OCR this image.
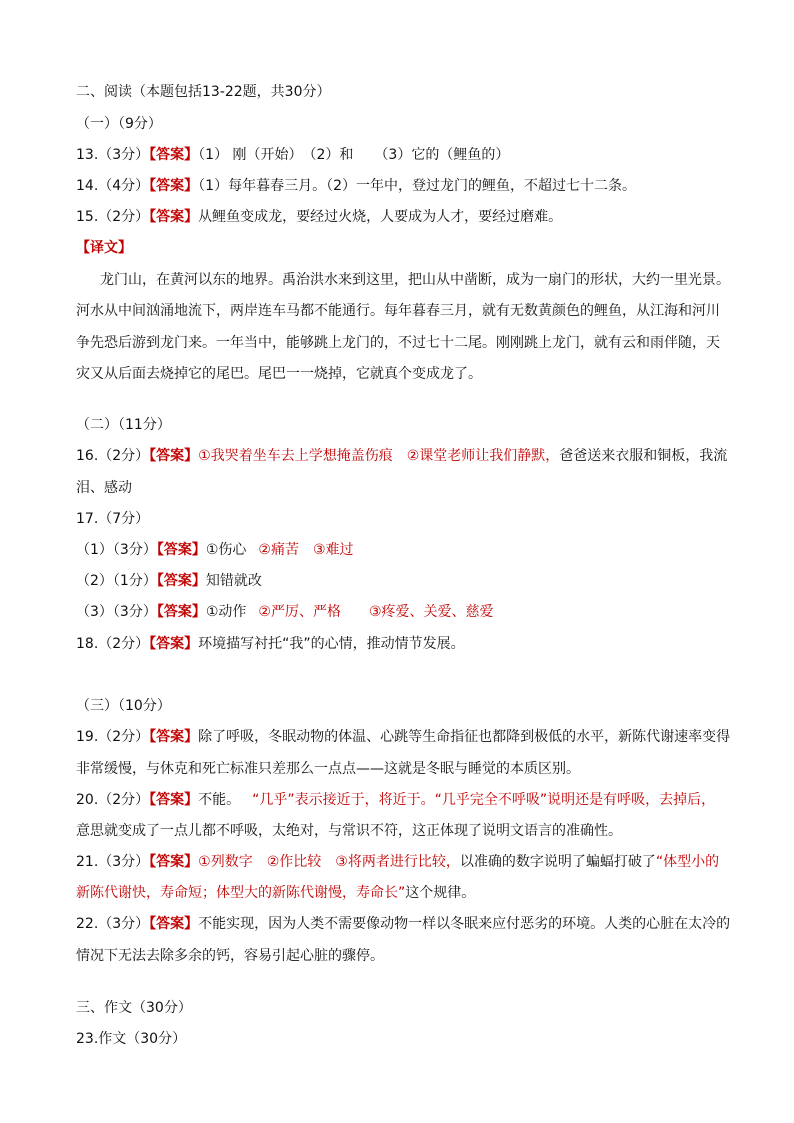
二、阅读（本题包括13-22题，共30分）
（一）（9分）
13.（3分）【答案】（1） 刚（开始）　（2）和　　（3）它的（鲤鱼的）
14.（4分）【答案】（1）每年暮春三月。（2）一年中，登过龙门的鲤鱼，不超过七十二条。
15.（2分）【答案】从鲤鱼变成龙，要经过火烧，人要成为人才，要经过磨难。
【译文】
龙门山，在黄河以东的地界。禹治洪水来到这里，把山从中凿断，成为一扇门的形状，大约一里光景。
河水从中间汹涌地流下，两岸连车马都不能通行。每年暮春三月，就有无数黄颜色的鲤鱼，从江海和河川
争先恐后游到龙门来。一年当中，能够跳上龙门的，不过七十二尾。刚刚跳上龙门，就有云和雨伴随，天
灾又从后面去烧掉它的尾巴。尾巴一一烧掉，它就真个变成龙了。
（二）（11分）
16.（2分）【答案】①我哭着坐车去上学想掩盖伤痕　②课堂老师让我们静默，爸爸送来衣服和铜板，我流
泪、感动
17.（7分）
（1）（3分）【答案】①伤心 ②痛苦　③难过
（2）（1分）【答案】知错就改
（3）（3分）【答案】①动作 ②严厉、严格　　③疼爱、关爱、慈爱
18.（2分）【答案】环境描写衬托“我”的心情，推动情节发展。
（三）（10分）
19.（2分）【答案】除了呼吸，冬眠动物的体温、心跳等生命指征也都降到极低的水平，新陈代谢速率变得
非常缓慢，与休克和死亡标准只差那么一点点——这就是冬眠与睡觉的本质区别。
20.（2分）【答案】不能。 “几乎”表示接近于，将近于。“几乎完全不呼吸”说明还是有呼吸，去掉后，
意思就变成了一点儿都不呼吸，太绝对，与常识不符，这正体现了说明文语言的准确性。
21.（3分）【答案】①列数字　②作比较　③将两者进行比较，以准确的数字说明了蝙蝠打破了“体型小的
新陈代谢快，寿命短；体型大的新陈代谢慢，寿命长”这个规律。
22.（3分）【答案】不能实现，因为人类不需要像动物一样以冬眠来应付恶劣的环境。人类的心脏在太冷的
情况下无法去除多余的钙，容易引起心脏的骤停。
三、作文（30分）
23.作文（30分）
